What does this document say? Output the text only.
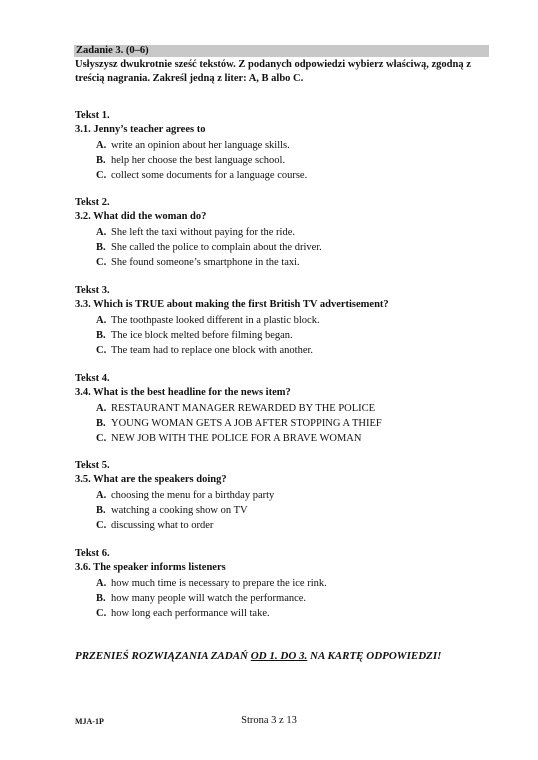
Zadanie 3. (0–6)
Usłyszysz dwukrotnie sześć tekstów. Z podanych odpowiedzi wybierz właściwą, zgodną z treścią nagrania. Zakreśl jedną z liter: A, B albo C.
Tekst 1.
3.1. Jenny’s teacher agrees to
A. write an opinion about her language skills.
B. help her choose the best language school.
C. collect some documents for a language course.
Tekst 2.
3.2. What did the woman do?
A. She left the taxi without paying for the ride.
B. She called the police to complain about the driver.
C. She found someone’s smartphone in the taxi.
Tekst 3.
3.3. Which is TRUE about making the first British TV advertisement?
A. The toothpaste looked different in a plastic block.
B. The ice block melted before filming began.
C. The team had to replace one block with another.
Tekst 4.
3.4. What is the best headline for the news item?
A. RESTAURANT MANAGER REWARDED BY THE POLICE
B. YOUNG WOMAN GETS A JOB AFTER STOPPING A THIEF
C. NEW JOB WITH THE POLICE FOR A BRAVE WOMAN
Tekst 5.
3.5. What are the speakers doing?
A. choosing the menu for a birthday party
B. watching a cooking show on TV
C. discussing what to order
Tekst 6.
3.6. The speaker informs listeners
A. how much time is necessary to prepare the ice rink.
B. how many people will watch the performance.
C. how long each performance will take.
PRZENIEŚ ROZWIĄZANIA ZADAŃ OD 1. DO 3. NA KARTĘ ODPOWIEDZI!
MJA-1P	Strona 3 z 13
